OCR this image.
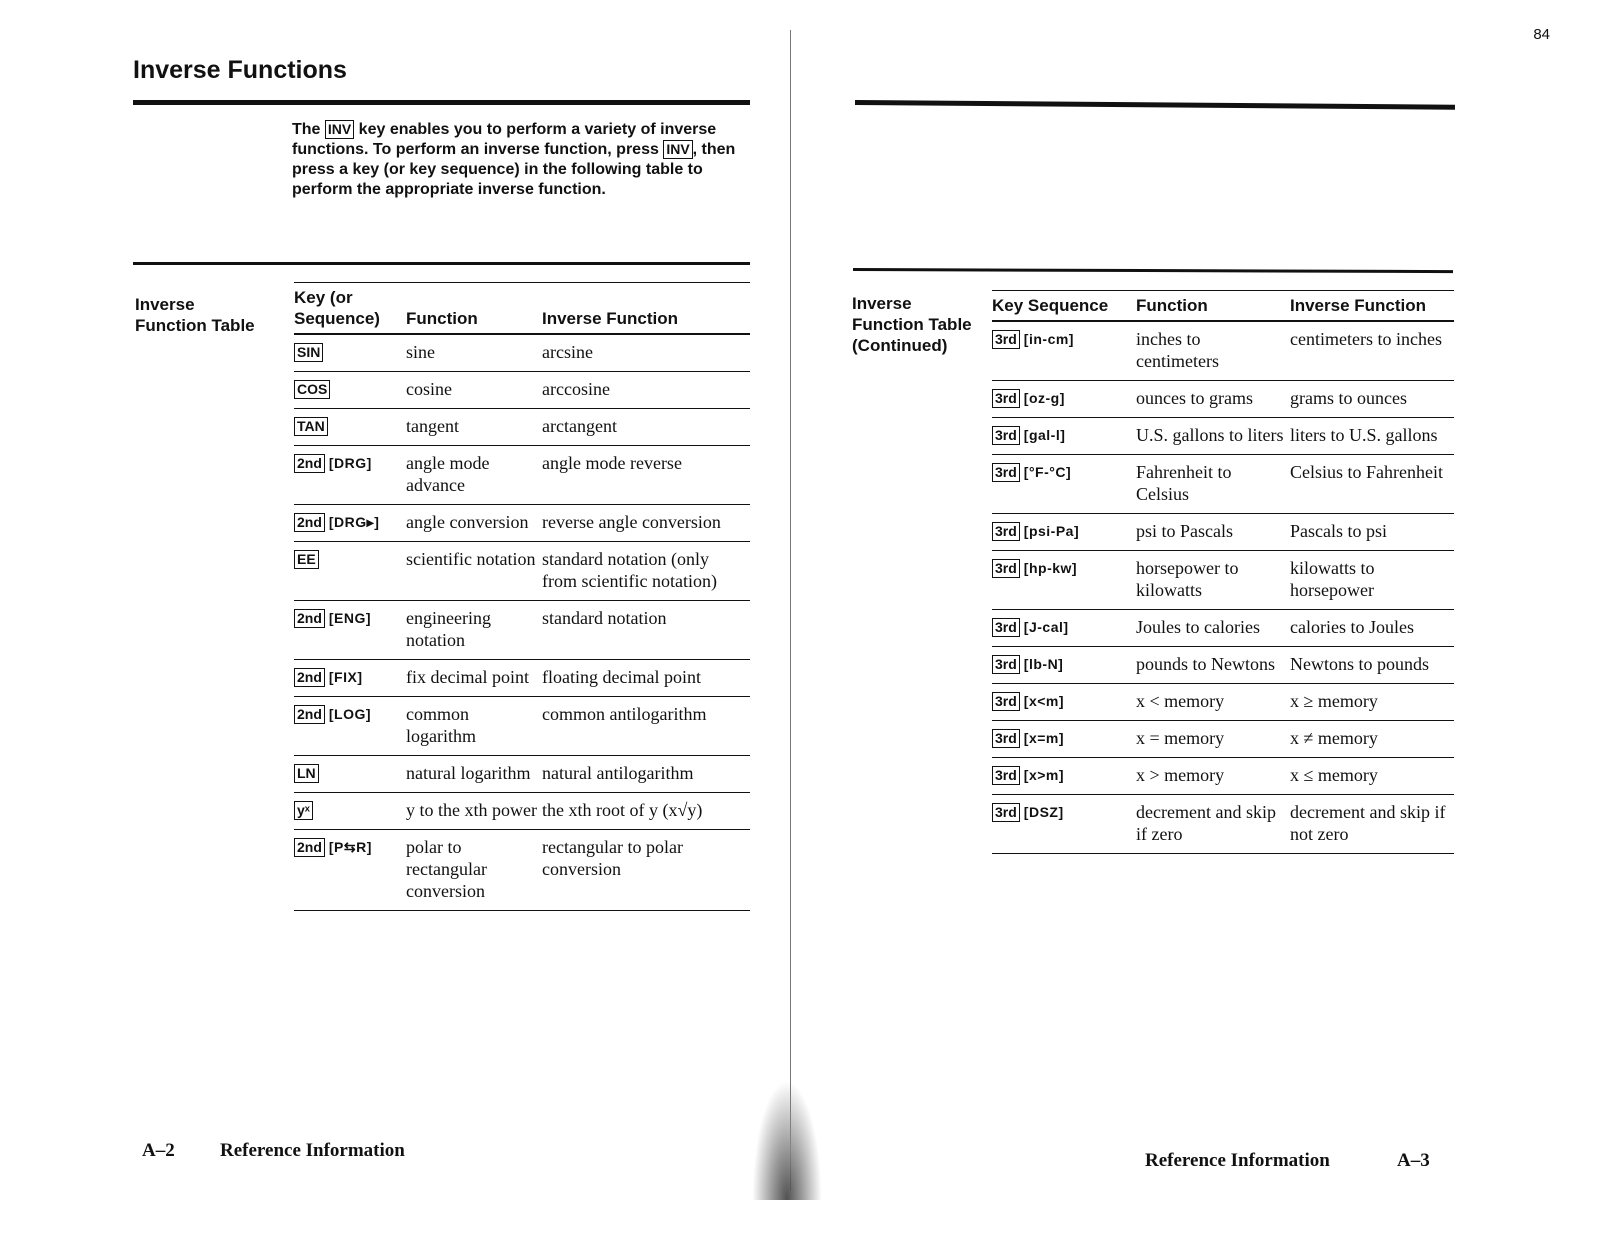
Inverse Functions
The INV key enables you to perform a variety of inverse functions. To perform an inverse function, press INV , then press a key (or key sequence) in the following table to perform the appropriate inverse function.
Inverse
Function Table
Key (or Sequence)	Function	Inverse Function
SIN	sine	arcsine
COS	cosine	arccosine
TAN	tangent	arctangent
2nd [DRG]	angle mode advance	angle mode reverse
2nd [DRG▸]	angle conversion	reverse angle conversion
EE	scientific notation	standard notation (only from scientific notation)
2nd [ENG]	engineering notation	standard notation
2nd [FIX]	fix decimal point	floating decimal point
2nd [LOG]	common logarithm	common antilogarithm
LN	natural logarithm	natural antilogarithm
yˣ	y to the xth power	the xth root of y (x√y)
2nd [P⇆R]	polar to rectangular conversion	rectangular to polar conversion
A–2 Reference Information
84
Inverse
Function Table
(Continued)
Key Sequence	Function	Inverse Function
3rd [in-cm]	inches to centimeters	centimeters to inches
3rd [oz-g]	ounces to grams	grams to ounces
3rd [gal-l]	U.S. gallons to liters	liters to U.S. gallons
3rd [°F-°C]	Fahrenheit to Celsius	Celsius to Fahrenheit
3rd [psi-Pa]	psi to Pascals	Pascals to psi
3rd [hp-kw]	horsepower to kilowatts	kilowatts to horsepower
3rd [J-cal]	Joules to calories	calories to Joules
3rd [lb-N]	pounds to Newtons	Newtons to pounds
3rd [x<m]	x < memory	x ≥ memory
3rd [x=m]	x = memory	x ≠ memory
3rd [x>m]	x > memory	x ≤ memory
3rd [DSZ]	decrement and skip if zero	decrement and skip if not zero
Reference Information	A–3
